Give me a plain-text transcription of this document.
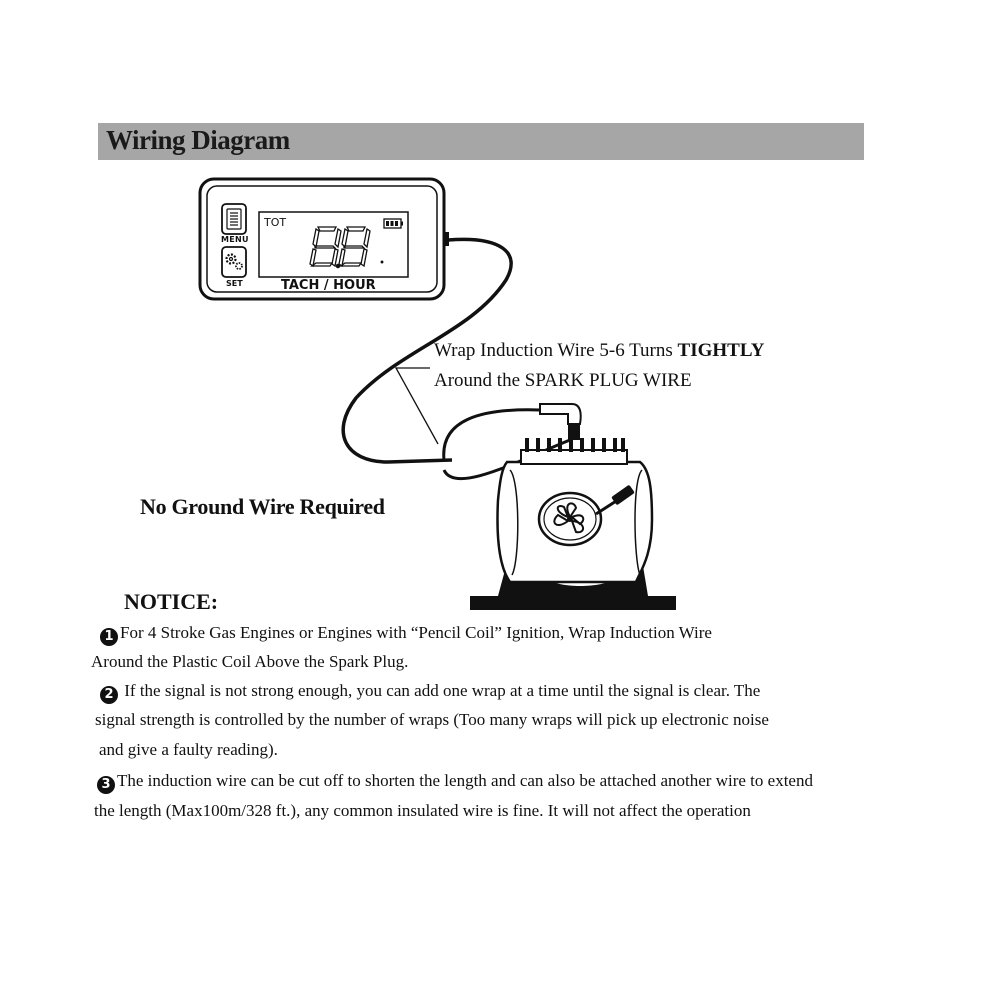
Wiring Diagram
TOT
MENU
SET	TACH / HOUR
Wrap Induction Wire 5-6 Turns TIGHTLY
Around the SPARK PLUG WIRE
No Ground Wire Required
NOTICE:
1 For 4 Stroke Gas Engines or Engines with “Pencil Coil” Ignition, Wrap Induction Wire
Around the Plastic Coil Above the Spark Plug.
2 If the signal is not strong enough, you can add one wrap at a time until the signal is clear. The
signal strength is controlled by the number of wraps (Too many wraps will pick up electronic noise
and give a faulty reading).
3 The induction wire can be cut off to shorten the length and can also be attached another wire to extend
the length (Max100m/328 ft.), any common insulated wire is fine. It will not affect the operation
